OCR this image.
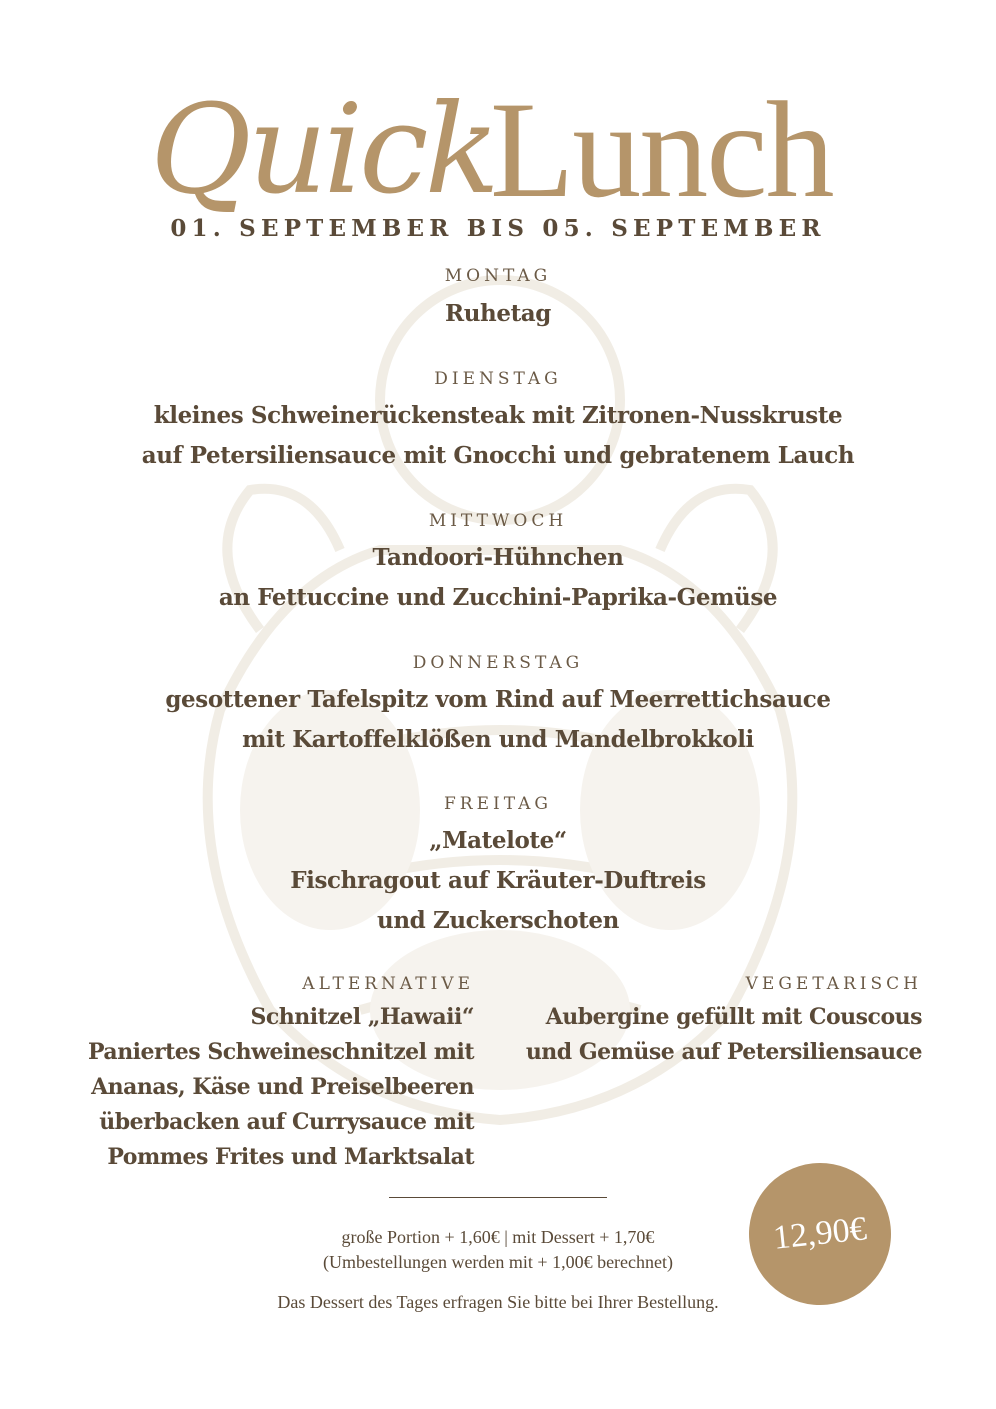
Quick
Lunch
01. SEPTEMBER BIS 05. SEPTEMBER
MONTAG
Ruhetag
DIENSTAG
kleines Schweinerückensteak mit Zitronen-Nusskruste
auf Petersiliensauce mit Gnocchi und gebratenem Lauch
MITTWOCH
Tandoori-Hühnchen
an Fettuccine und Zucchini-Paprika-Gemüse
DONNERSTAG
gesottener Tafelspitz vom Rind auf Meerrettichsauce
mit Kartoffelklößen und Mandelbrokkoli
FREITAG
„Matelote“
Fischragout auf Kräuter-Duftreis
und Zuckerschoten
ALTERNATIVE
Schnitzel „Hawaii“
Paniertes Schweineschnitzel mit
Ananas, Käse und Preiselbeeren
überbacken auf Currysauce mit
Pommes Frites und Marktsalat
VEGETARISCH
Aubergine gefüllt mit Couscous
und Gemüse auf Petersiliensauce
große Portion + 1,60€ | mit Dessert + 1,70€
(Umbestellungen werden mit + 1,00€ berechnet)
Das Dessert des Tages erfragen Sie bitte bei Ihrer Bestellung.
12,90€
